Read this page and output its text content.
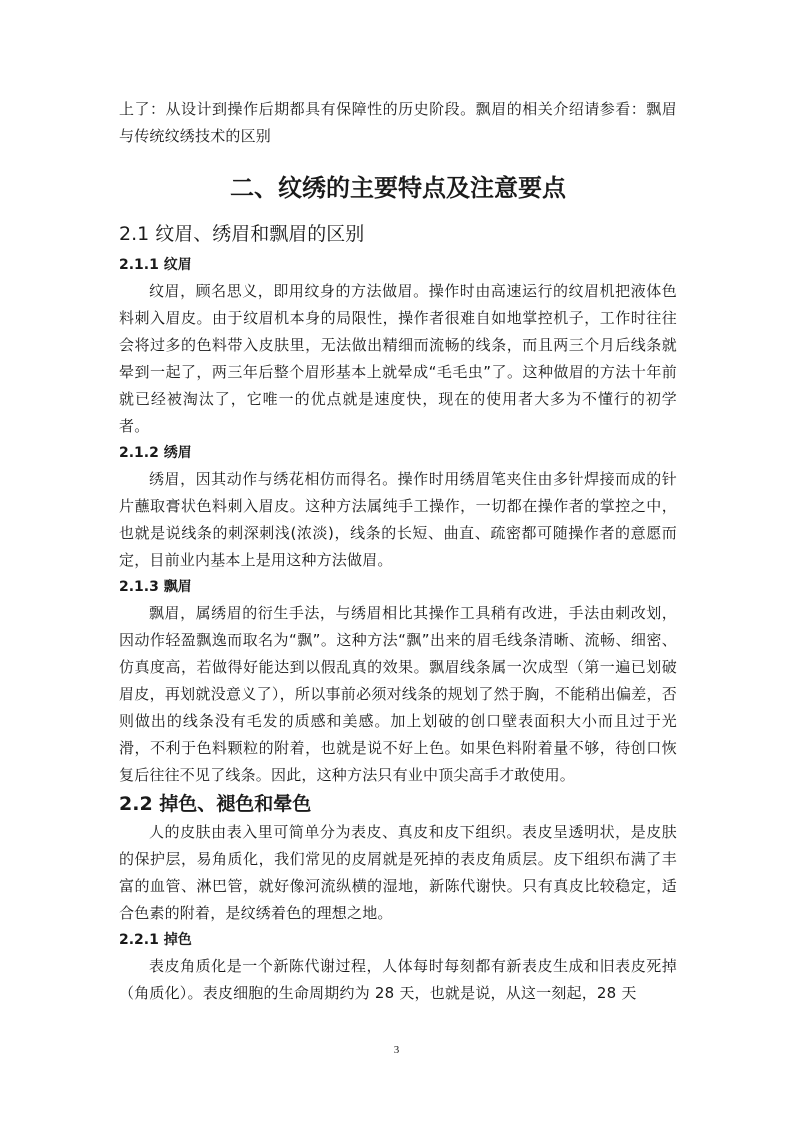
上了：从设计到操作后期都具有保障性的历史阶段。飘眉的相关介绍请参看：飘眉与传统纹绣技术的区别

二、纹绣的主要特点及注意要点
2.1 纹眉、绣眉和飘眉的区别
2.1.1 纹眉

纹眉，顾名思义，即用纹身的方法做眉。操作时由高速运行的纹眉机把液体色料刺入眉皮。由于纹眉机本身的局限性，操作者很难自如地掌控机子，工作时往往会将过多的色料带入皮肤里，无法做出精细而流畅的线条，而且两三个月后线条就晕到一起了，两三年后整个眉形基本上就晕成“毛毛虫”了。这种做眉的方法十年前就已经被淘汰了，它唯一的优点就是速度快，现在的使用者大多为不懂行的初学者。

2.1.2 绣眉

绣眉，因其动作与绣花相仿而得名。操作时用绣眉笔夹住由多针焊接而成的针片蘸取膏状色料刺入眉皮。这种方法属纯手工操作，一切都在操作者的掌控之中，也就是说线条的刺深刺浅(浓淡)，线条的长短、曲直、疏密都可随操作者的意愿而定，目前业内基本上是用这种方法做眉。

2.1.3 飘眉

飘眉，属绣眉的衍生手法，与绣眉相比其操作工具稍有改进，手法由刺改划，因动作轻盈飘逸而取名为“飘”。这种方法“飘”出来的眉毛线条清晰、流畅、细密、仿真度高，若做得好能达到以假乱真的效果。飘眉线条属一次成型（第一遍已划破眉皮，再划就没意义了），所以事前必须对线条的规划了然于胸，不能稍出偏差，否则做出的线条没有毛发的质感和美感。加上划破的创口壁表面积大小而且过于光滑，不利于色料颗粒的附着，也就是说不好上色。如果色料附着量不够，待创口恢复后往往不见了线条。因此，这种方法只有业中顶尖高手才敢使用。

2.2 掉色、褪色和晕色

人的皮肤由表入里可简单分为表皮、真皮和皮下组织。表皮呈透明状，是皮肤的保护层，易角质化，我们常见的皮屑就是死掉的表皮角质层。皮下组织布满了丰富的血管、淋巴管，就好像河流纵横的湿地，新陈代谢快。只有真皮比较稳定，适合色素的附着，是纹绣着色的理想之地。

2.2.1 掉色

表皮角质化是一个新陈代谢过程，人体每时每刻都有新表皮生成和旧表皮死掉（角质化）。表皮细胞的生命周期约为 28 天，也就是说，从这一刻起，28 天

3
